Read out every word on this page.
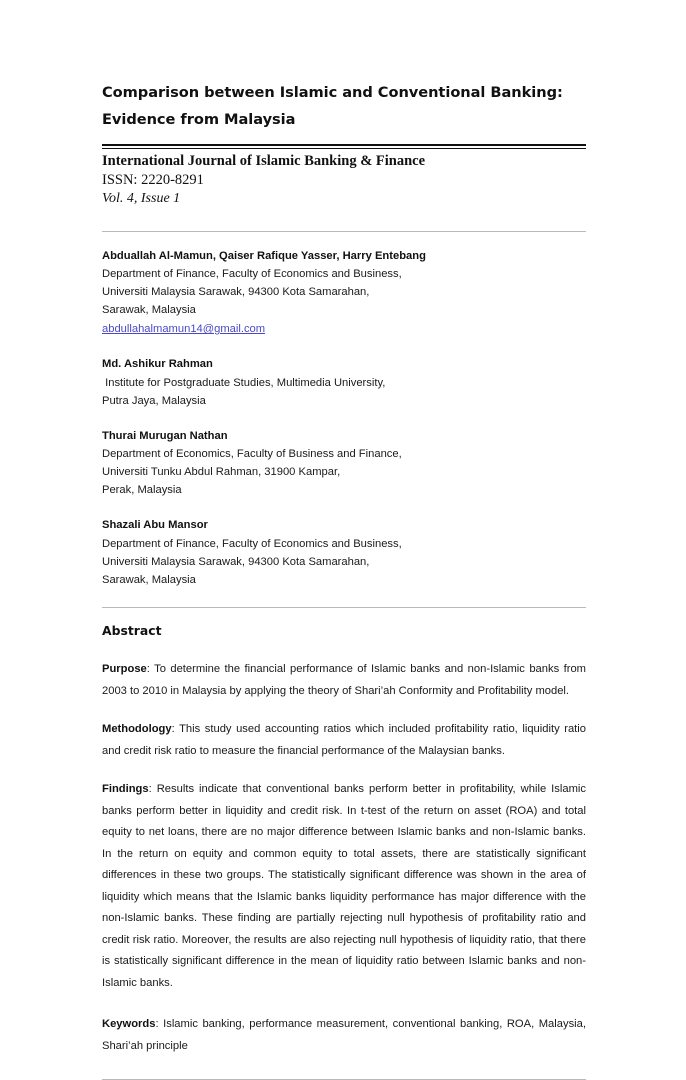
Comparison between Islamic and Conventional Banking:
Evidence from Malaysia
International Journal of Islamic Banking & Finance
ISSN: 2220-8291
Vol. 4, Issue 1
Abduallah Al-Mamun, Qaiser Rafique Yasser, Harry Entebang
Department of Finance, Faculty of Economics and Business,
Universiti Malaysia Sarawak, 94300 Kota Samarahan,
Sarawak, Malaysia
abdullahalmamun14@gmail.com
Md. Ashikur Rahman
Institute for Postgraduate Studies, Multimedia University,
Putra Jaya, Malaysia
Thurai Murugan Nathan
Department of Economics, Faculty of Business and Finance,
Universiti Tunku Abdul Rahman, 31900 Kampar,
Perak, Malaysia
Shazali Abu Mansor
Department of Finance, Faculty of Economics and Business,
Universiti Malaysia Sarawak, 94300 Kota Samarahan,
Sarawak, Malaysia
Abstract

Purpose: To determine the financial performance of Islamic banks and non-Islamic banks from 2003 to 2010 in Malaysia by applying the theory of Shari’ah Conformity and Profitability model.

Methodology: This study used accounting ratios which included profitability ratio, liquidity ratio and credit risk ratio to measure the financial performance of the Malaysian banks.

Findings: Results indicate that conventional banks perform better in profitability, while Islamic banks perform better in liquidity and credit risk. In t-test of the return on asset (ROA) and total equity to net loans, there are no major difference between Islamic banks and non-Islamic banks. In the return on equity and common equity to total assets, there are statistically significant differences in these two groups. The statistically significant difference was shown in the area of liquidity which means that the Islamic banks liquidity performance has major difference with the non-Islamic banks. These finding are partially rejecting null hypothesis of profitability ratio and credit risk ratio. Moreover, the results are also rejecting null hypothesis of liquidity ratio, that there is statistically significant difference in the mean of liquidity ratio between Islamic banks and non-Islamic banks.

Keywords: Islamic banking, performance measurement, conventional banking, ROA, Malaysia, Shari’ah principle
